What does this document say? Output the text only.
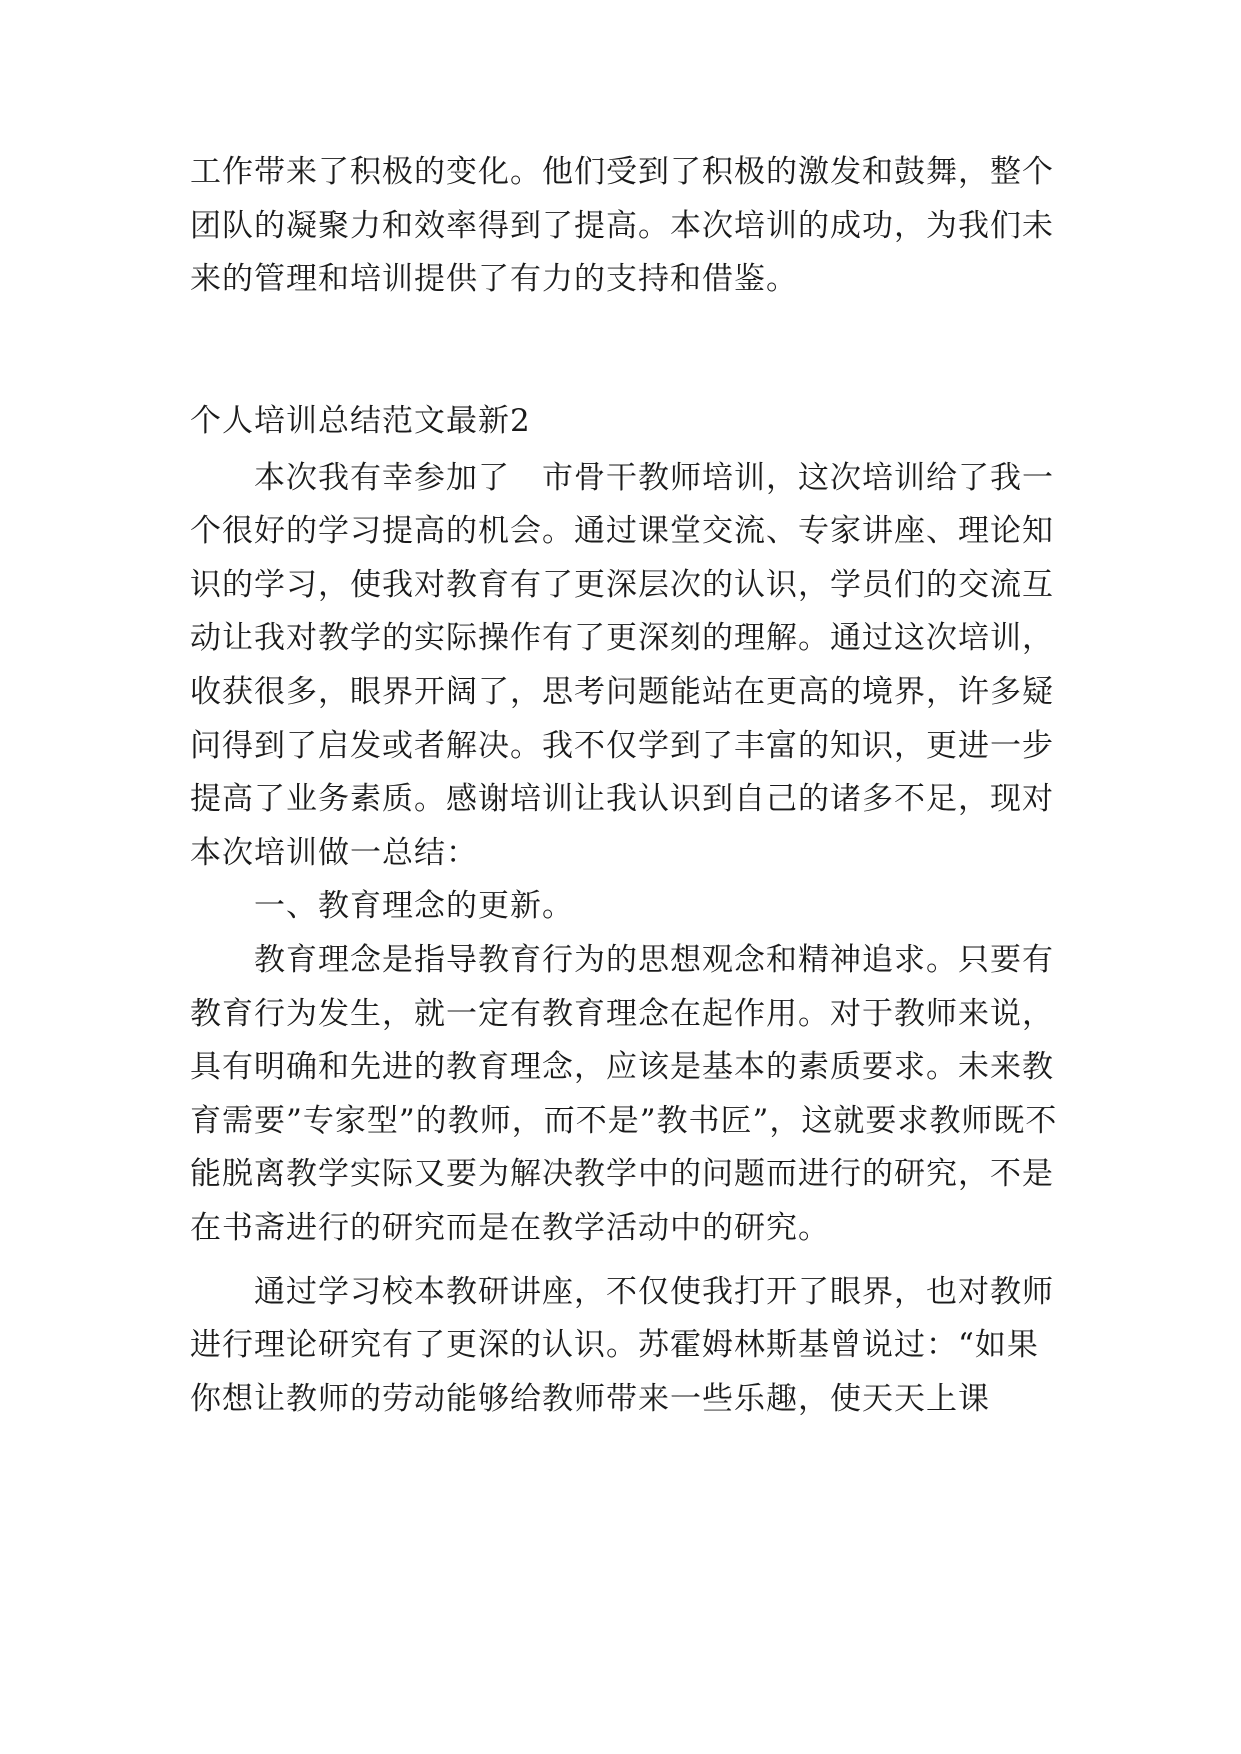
工作带来了积极的变化。他们受到了积极的激发和鼓舞，整个团队的凝聚力和效率得到了提高。本次培训的成功，为我们未来的管理和培训提供了有力的支持和借鉴。

个人培训总结范文最新2

本次我有幸参加了　市骨干教师培训，这次培训给了我一个很好的学习提高的机会。通过课堂交流、专家讲座、理论知识的学习，使我对教育有了更深层次的认识，学员们的交流互动让我对教学的实际操作有了更深刻的理解。通过这次培训，收获很多，眼界开阔了，思考问题能站在更高的境界，许多疑问得到了启发或者解决。我不仅学到了丰富的知识，更进一步提高了业务素质。感谢培训让我认识到自己的诸多不足，现对本次培训做一总结：

一、教育理念的更新。

教育理念是指导教育行为的思想观念和精神追求。只要有教育行为发生，就一定有教育理念在起作用。对于教师来说，具有明确和先进的教育理念，应该是基本的素质要求。未来教育需要”专家型”的教师，而不是”教书匠”，这就要求教师既不能脱离教学实际又要为解决教学中的问题而进行的研究，不是在书斋进行的研究而是在教学活动中的研究。

通过学习校本教研讲座，不仅使我打开了眼界，也对教师进行理论研究有了更深的认识。苏霍姆林斯基曾说过：“如果你想让教师的劳动能够给教师带来一些乐趣，使天天上课
